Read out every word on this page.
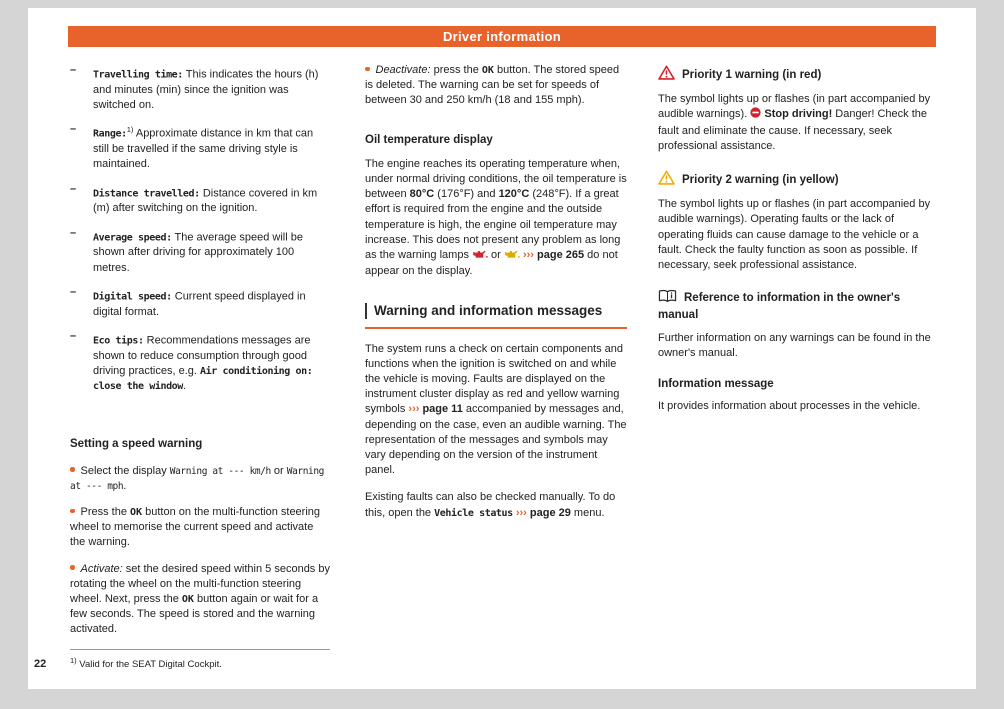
Driver information
– Travelling time: This indicates the hours (h) and minutes (min) since the ignition was switched on.
– Range:$^{1)}$ Approximate distance in km that can still be travelled if the same driving style is maintained.
– Distance travelled: Distance covered in km (m) after switching on the ignition.
– Average speed: The average speed will be shown after driving for approximately 100 metres.
– Digital speed: Current speed displayed in digital format.
– Eco tips: Recommendations messages are shown to reduce consumption through good driving practices, e.g. Air conditioning on: close the window.
Setting a speed warning
Select the display Warning at --- km/h or Warning at --- mph.
Press the OK button on the multi-function steering wheel to memorise the current speed and activate the warning.
Activate: set the desired speed within 5 seconds by rotating the wheel on the multi-function steering wheel. Next, press the OK button again or wait for a few seconds. The speed is stored and the warning activated.
$^{1)}$ Valid for the SEAT Digital Cockpit.
Deactivate: press the OK button. The stored speed is deleted. The warning can be set for speeds of between 30 and 250 km/h (18 and 155 mph).
Oil temperature display

The engine reaches its operating temperature when, under normal driving conditions, the oil temperature is between 80°C (176°F) and 120°C (248°F). If a great effort is required from the engine and the outside temperature is high, the engine oil temperature may increase. This does not present any problem as long as the warning lamps  or  ››› page 265 do not appear on the display.

Warning and information messages

The system runs a check on certain components and functions when the ignition is switched on and while the vehicle is moving. Faults are displayed on the instrument cluster display as red and yellow warning symbols ››› page 11 accompanied by messages and, depending on the case, even an audible warning. The representation of the messages and symbols may vary depending on the version of the instrument panel.

Existing faults can also be checked manually. To do this, open the Vehicle status ››› page 29 menu.

Priority 1 warning (in red)

The symbol lights up or flashes (in part accompanied by audible warnings).  Stop driving! Danger! Check the fault and eliminate the cause. If necessary, seek professional assistance.

Priority 2 warning (in yellow)

The symbol lights up or flashes (in part accompanied by audible warnings). Operating faults or the lack of operating fluids can cause damage to the vehicle or a fault. Check the faulty function as soon as possible. If necessary, seek professional assistance.

Reference to information in the owner's manual

Further information on any warnings can be found in the owner's manual.

Information message

It provides information about processes in the vehicle.

22
